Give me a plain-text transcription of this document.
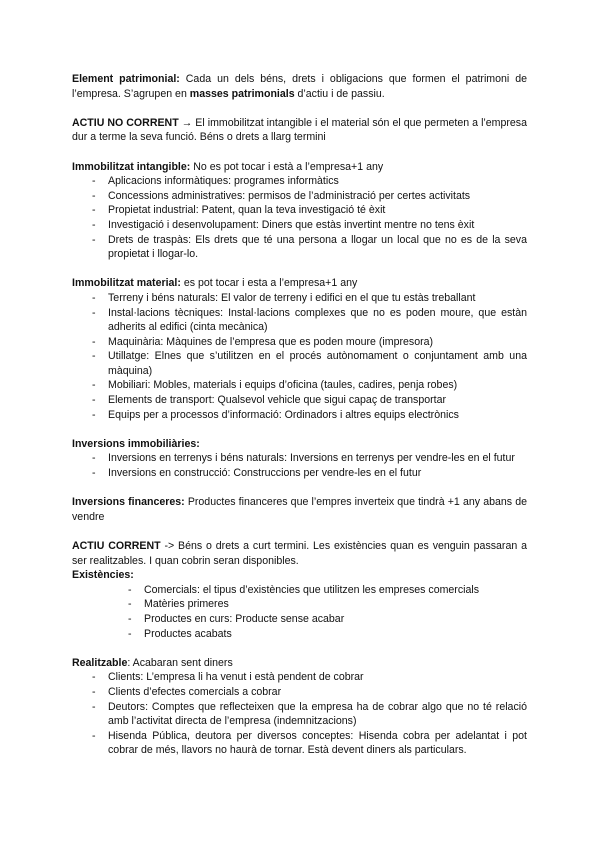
Element patrimonial: Cada un dels béns, drets i obligacions que formen el patrimoni de l’empresa. S’agrupen en masses patrimonials d’actiu i de passiu.

ACTIU NO CORRENT → El immobilitzat intangible i el material són el que permeten a l’empresa dur a terme la seva funció. Béns o drets a llarg termini

Immobilitzat intangible: No es pot tocar i està a l’empresa+1 any

- Aplicacions informàtiques: programes informàtics
- Concessions administratives: permisos de l’administració per certes activitats
- Propietat industrial: Patent, quan la teva investigació té èxit
- Investigació i desenvolupament: Diners que estàs invertint mentre no tens èxit
- Drets de traspàs: Els drets que té una persona a llogar un local que no es de la seva propietat i llogar-lo.

Immobilitzat material: es pot tocar i esta a l’empresa+1 any

- Terreny i béns naturals: El valor de terreny i edifici en el que tu estàs treballant
- Instal·lacions tècniques: Instal·lacions complexes que no es poden moure, que estàn adherits al edifici (cinta mecànica)
- Maquinària: Màquines de l’empresa que es poden moure (impresora)
- Utillatge: Elnes que s’utilitzen en el procés autònomament o conjuntament amb una màquina)
- Mobiliari: Mobles, materials i equips d’oficina (taules, cadires, penja robes)
- Elements de transport: Qualsevol vehicle que sigui capaç de transportar
- Equips per a processos d’informació: Ordinadors i altres equips electrònics

Inversions immobiliàries:

- Inversions en terrenys i béns naturals: Inversions en terrenys per vendre-les en el futur
- Inversions en construcció: Construccions per vendre-les en el futur

Inversions financeres: Productes financeres que l’empres inverteix que tindrà +1 any abans de vendre

ACTIU CORRENT -> Béns o drets a curt termini. Les existències quan es venguin passaran a ser realitzables. I quan cobrin seran disponibles.

Existències:

- Comercials: el tipus d’existències que utilitzen les empreses comercials
- Matèries primeres
- Productes en curs: Producte sense acabar
- Productes acabats

Realitzable: Acabaran sent diners

- Clients: L’empresa li ha venut i està pendent de cobrar
- Clients d’efectes comercials a cobrar
- Deutors: Comptes que reflecteixen que la empresa ha de cobrar algo que no té relació amb l’activitat directa de l’empresa (indemnitzacions)
- Hisenda Pública, deutora per diversos conceptes: Hisenda cobra per adelantat i pot cobrar de més, llavors no haurà de tornar. Està devent diners als particulars.
